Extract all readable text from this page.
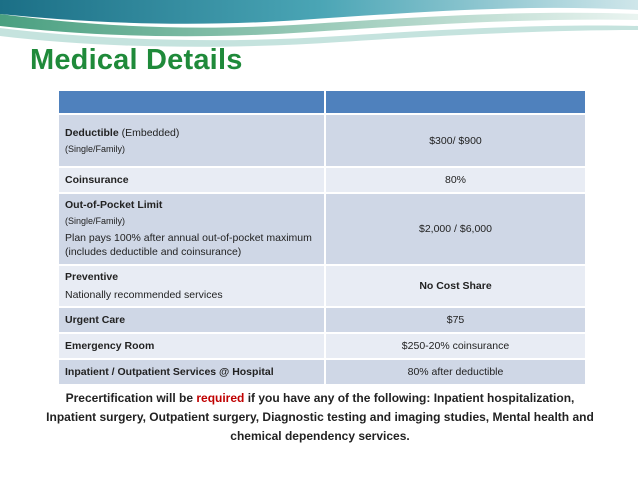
Medical Details

Deductible (Embedded)
(Single/Family)	$300/ $900
Coinsurance	80%

Out-of-Pocket Limit
(Single/Family)
Plan pays 100% after annual out-of-pocket maximum (includes deductible and coinsurance)	$2,000 / $6,000

Preventive
Nationally recommended services	No Cost Share
Urgent Care	$75
Emergency Room	$250-20% coinsurance
Inpatient / Outpatient Services @ Hospital	80% after deductible
Precertification will be required if you have any of the following: Inpatient hospitalization, Inpatient surgery, Outpatient surgery, Diagnostic testing and imaging studies, Mental health and chemical dependency services.
